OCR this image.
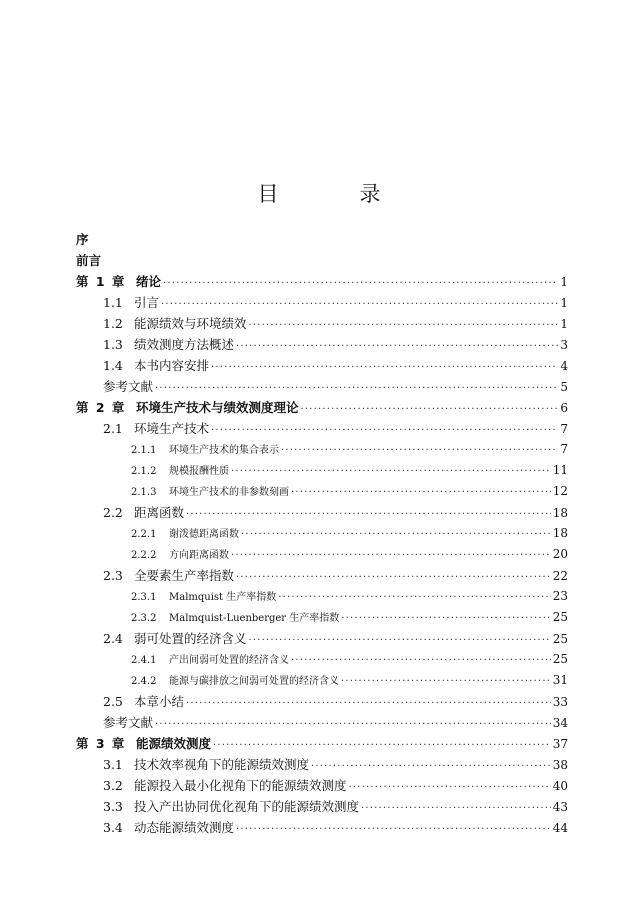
目　录
序
前言
第 1 章 绪论 ·····	1
1.1 引言 ·····	1
1.2 能源绩效与环境绩效 ·····	1
1.3 绩效测度方法概述 ·····	3
1.4 本书内容安排 ·····	4
参考文献 ·····	5
第 2 章 环境生产技术与绩效测度理论 ·····	6
2.1 环境生产技术 ·····	7
2.1.1	环境生产技术的集合表示 ·····	7
2.1.2	规模报酬性质 ·····	11
2.1.3	环境生产技术的非参数刻画 ·····	12
2.2 距离函数 ·····	18
2.2.1	谢泼德距离函数 ·····	18
2.2.2	方向距离函数 ·····	20
2.3 全要素生产率指数 ·····	22
2.3.1	Malmquist 生产率指数 ·····	23
2.3.2	Malmquist-Luenberger 生产率指数 ·····	25
2.4 弱可处置的经济含义 ·····	25
2.4.1	产出间弱可处置的经济含义 ·····	25
2.4.2	能源与碳排放之间弱可处置的经济含义 ·····	31
2.5 本章小结 ·····	33
参考文献 ·····	34
第 3 章 能源绩效测度 ·····	37
3.1 技术效率视角下的能源绩效测度 ·····	38
3.2 能源投入最小化视角下的能源绩效测度 ·····	40
3.3 投入产出协同优化视角下的能源绩效测度 ·····	43
3.4 动态能源绩效测度 ·····	44
